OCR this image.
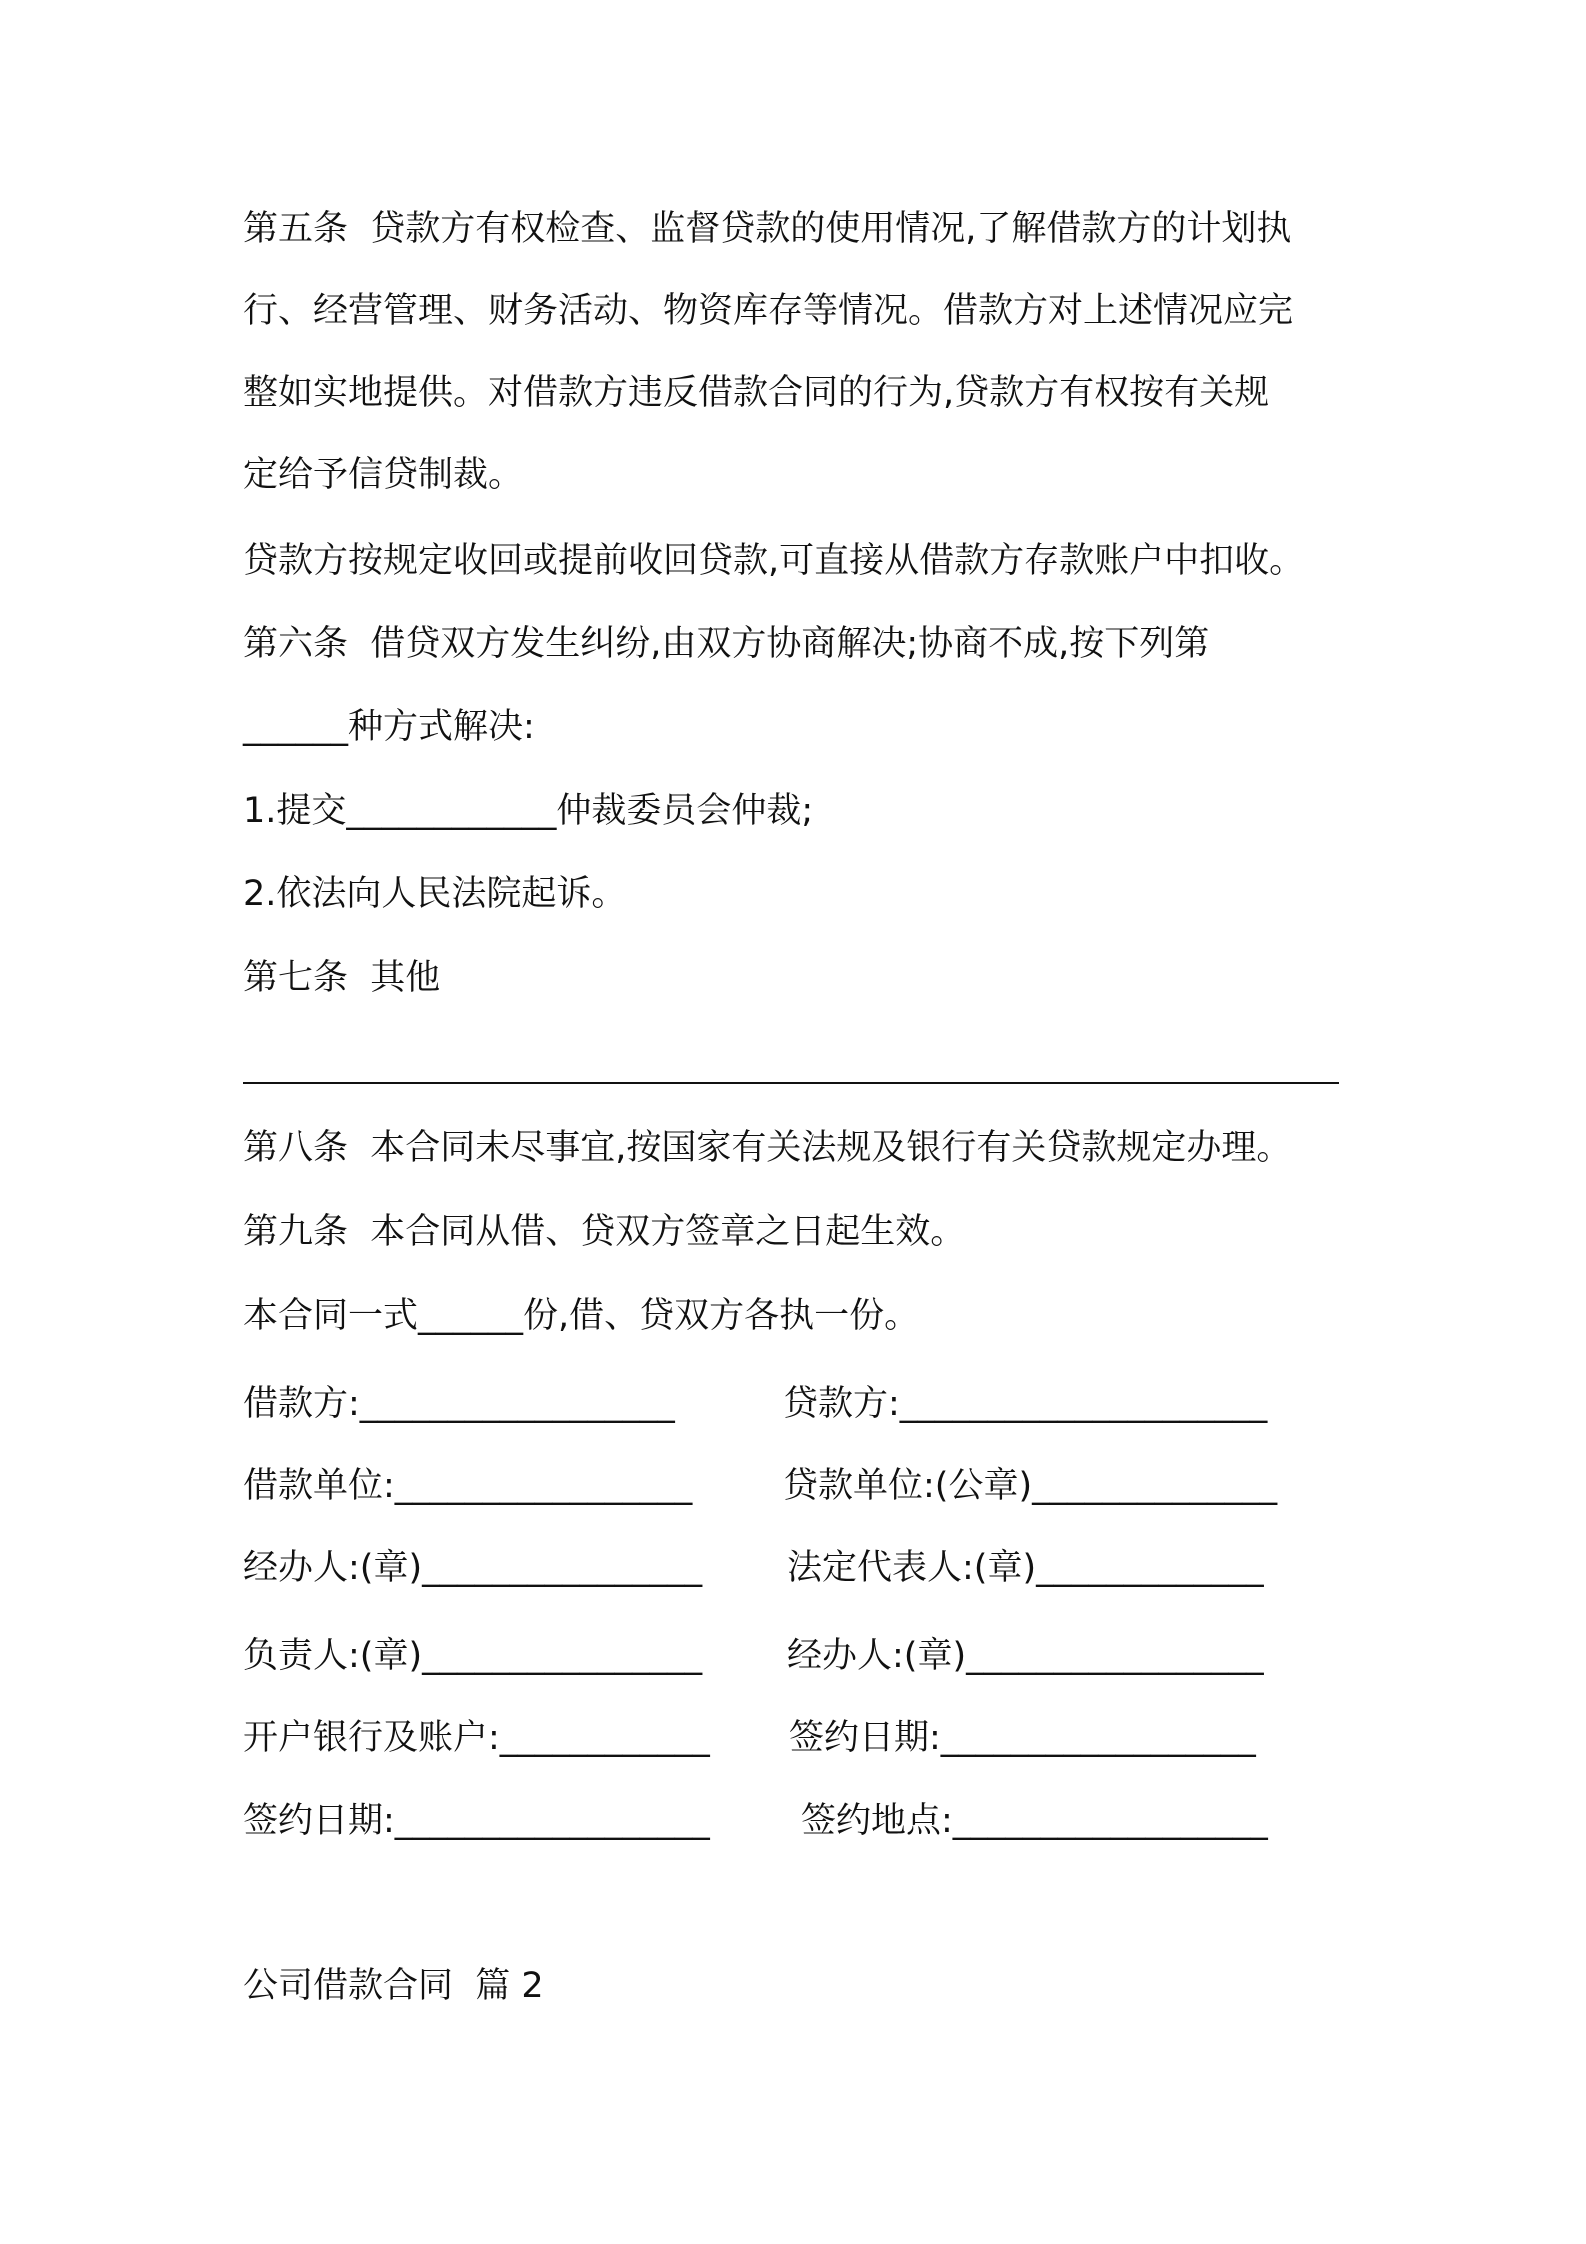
第五条  贷款方有权检查、监督贷款的使用情况,了解借款方的计划执
行、经营管理、财务活动、物资库存等情况。借款方对上述情况应完
整如实地提供。对借款方违反借款合同的行为,贷款方有权按有关规
定给予信贷制裁。
贷款方按规定收回或提前收回贷款,可直接从借款方存款账户中扣收。
第六条  借贷双方发生纠纷,由双方协商解决;协商不成,按下列第
______种方式解决:
1.提交____________仲裁委员会仲裁;
2.依法向人民法院起诉。
第七条  其他
第八条  本合同未尽事宜,按国家有关法规及银行有关贷款规定办理。
第九条  本合同从借、贷双方签章之日起生效。
本合同一式______份,借、贷双方各执一份。
借款方:__________________
借款单位:_________________
经办人:(章)________________
负责人:(章)________________
开户银行及账户:____________
签约日期:__________________
贷款方:_____________________
贷款单位:(公章)______________
法定代表人:(章)_____________
经办人:(章)_________________
签约日期:__________________
签约地点:__________________
公司借款合同  篇 2
